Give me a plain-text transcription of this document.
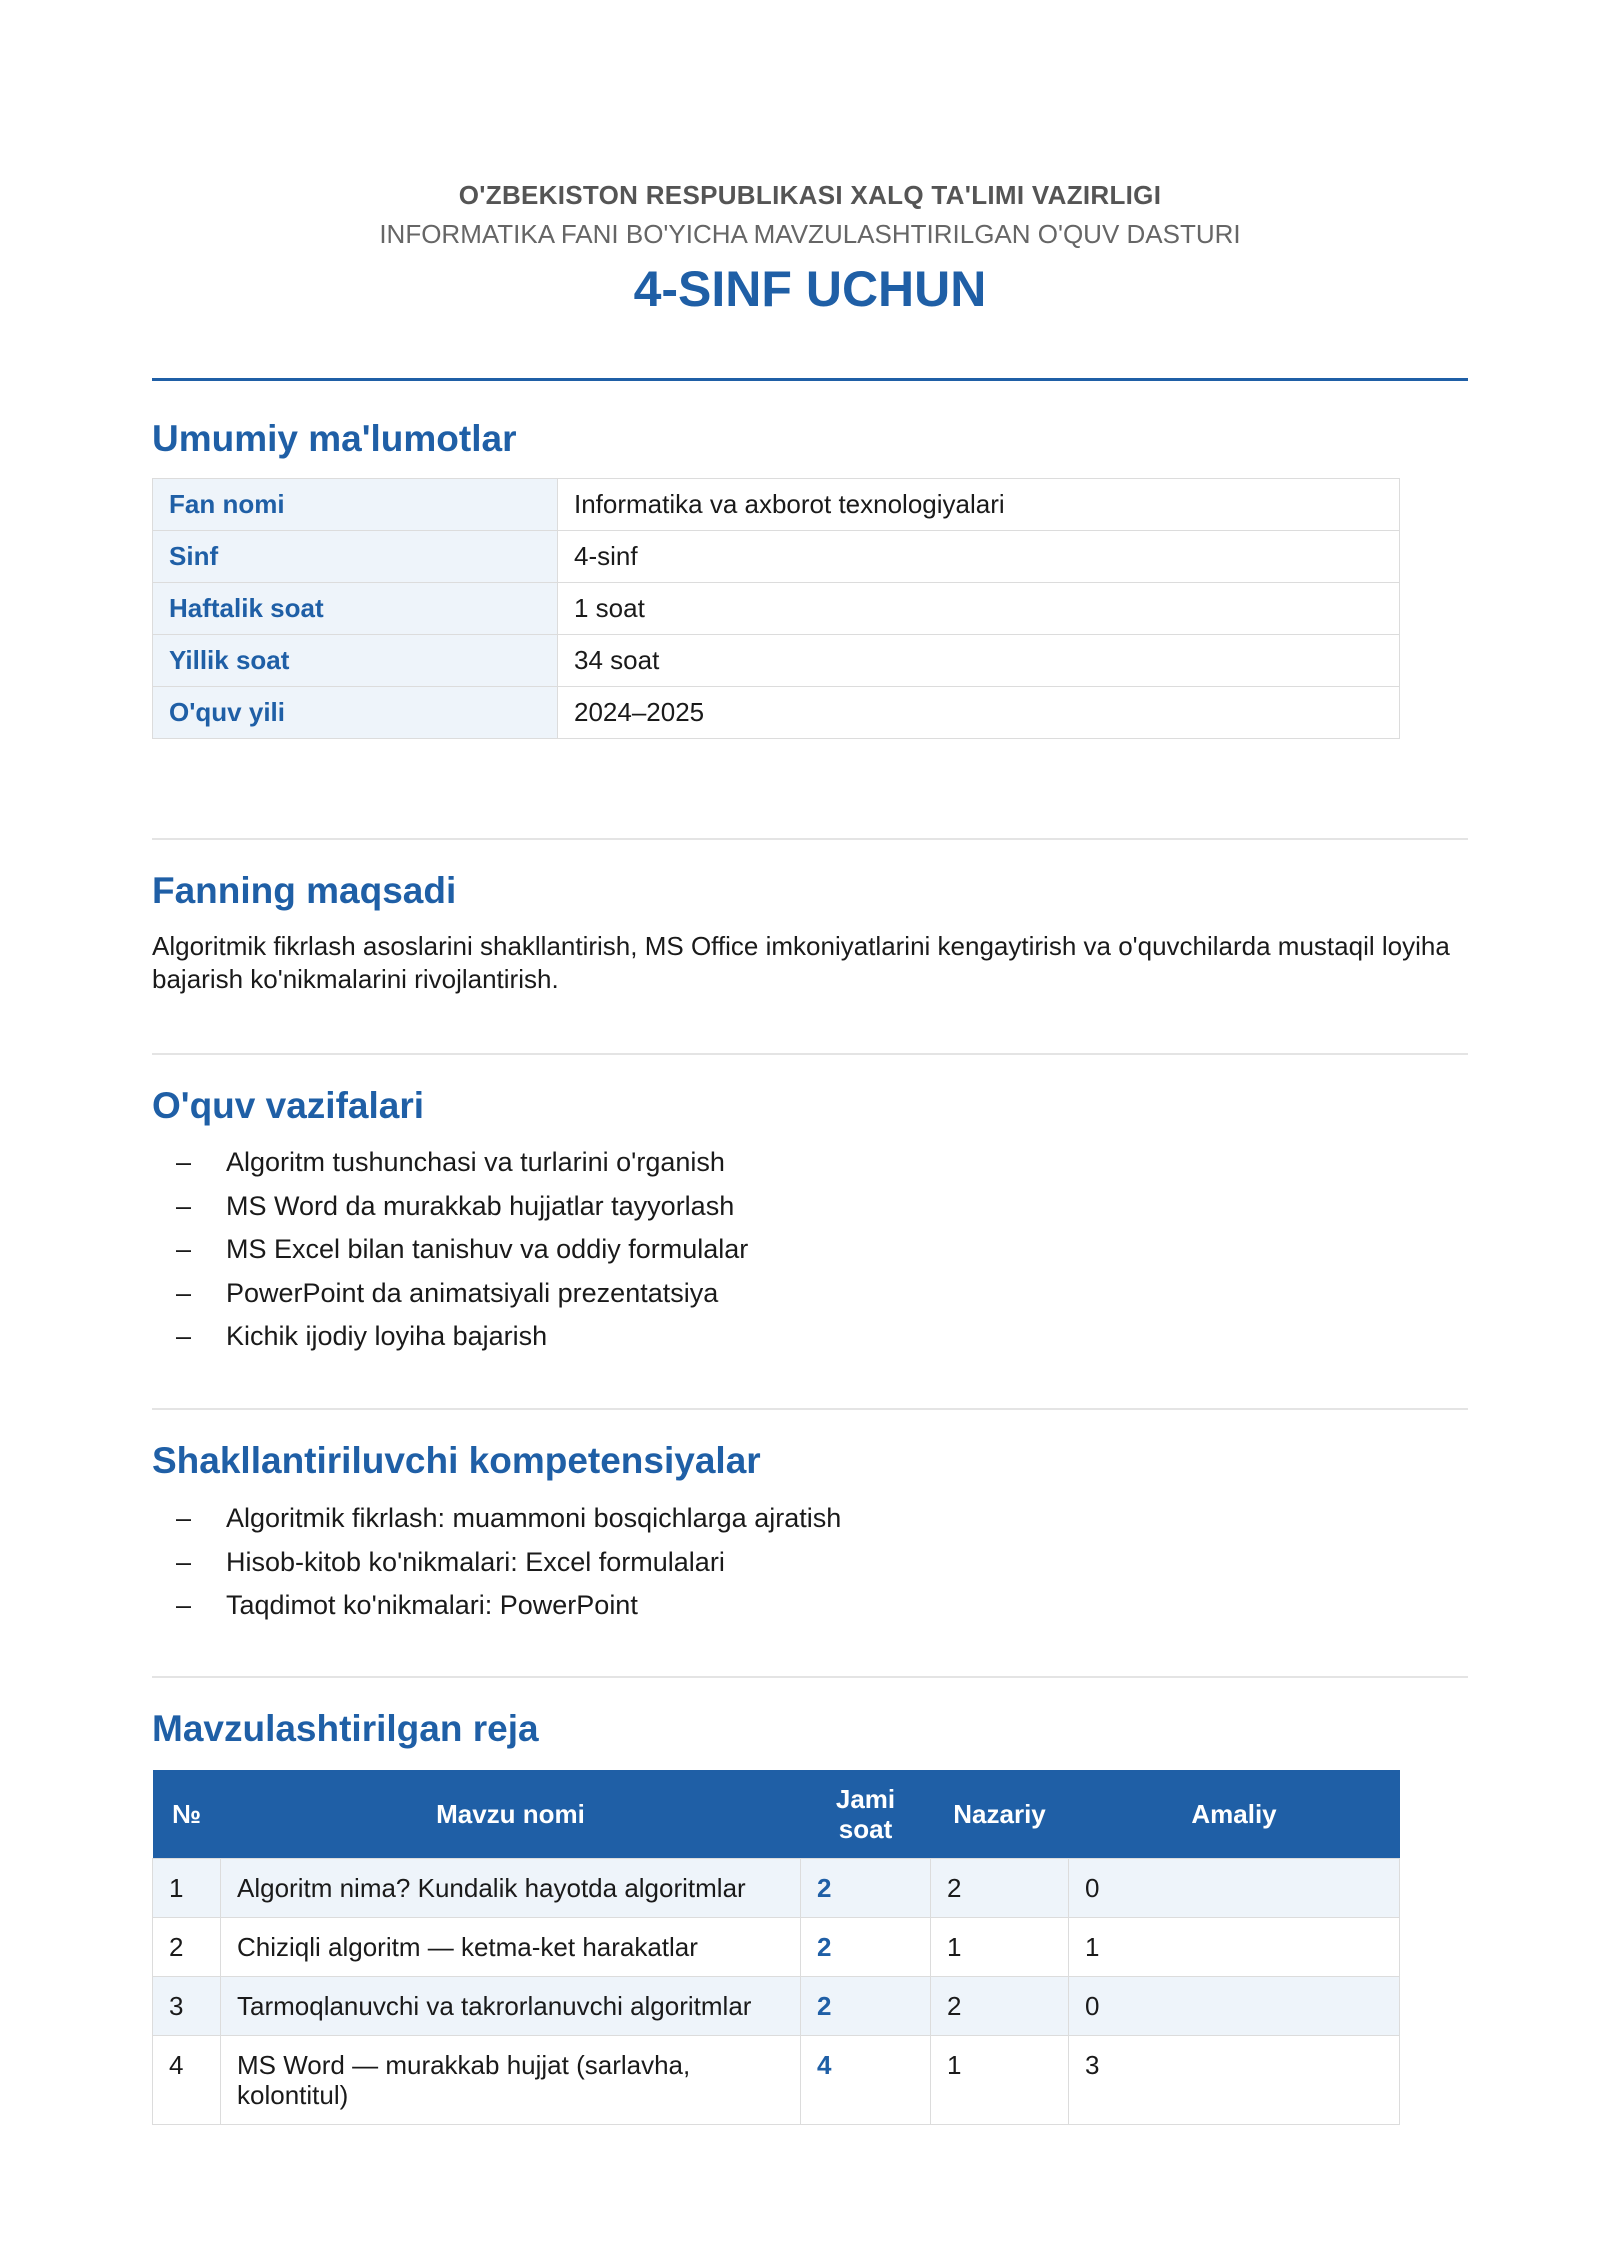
O'ZBEKISTON RESPUBLIKASI XALQ TA'LIMI VAZIRLIGI
INFORMATIKA FANI BO'YICHA MAVZULASHTIRILGAN O'QUV DASTURI
4-SINF UCHUN
Umumiy ma'lumotlar
Fan nomi	Informatika va axborot texnologiyalari
Sinf	4-sinf
Haftalik soat	1 soat
Yillik soat	34 soat
O'quv yili	2024–2025
Fanning maqsadi

Algoritmik fikrlash asoslarini shakllantirish, MS Office imkoniyatlarini kengaytirish va o'quvchilarda mustaqil loyiha bajarish ko'nikmalarini rivojlantirish.

O'quv vazifalari
– Algoritm tushunchasi va turlarini o'rganish
– MS Word da murakkab hujjatlar tayyorlash
– MS Excel bilan tanishuv va oddiy formulalar
– PowerPoint da animatsiyali prezentatsiya
– Kichik ijodiy loyiha bajarish
Shakllantiriluvchi kompetensiyalar
– Algoritmik fikrlash: muammoni bosqichlarga ajratish
– Hisob-kitob ko'nikmalari: Excel formulalari
– Taqdimot ko'nikmalari: PowerPoint
Mavzulashtirilgan reja
№	Mavzu nomi	Jami soat	Nazariy	Amaliy
1	Algoritm nima? Kundalik hayotda algoritmlar	2	2	0
2	Chiziqli algoritm — ketma-ket harakatlar	2	1	1
3	Tarmoqlanuvchi va takrorlanuvchi algoritmlar	2	2	0
4	MS Word — murakkab hujjat (sarlavha, kolontitul)	4	1	3
